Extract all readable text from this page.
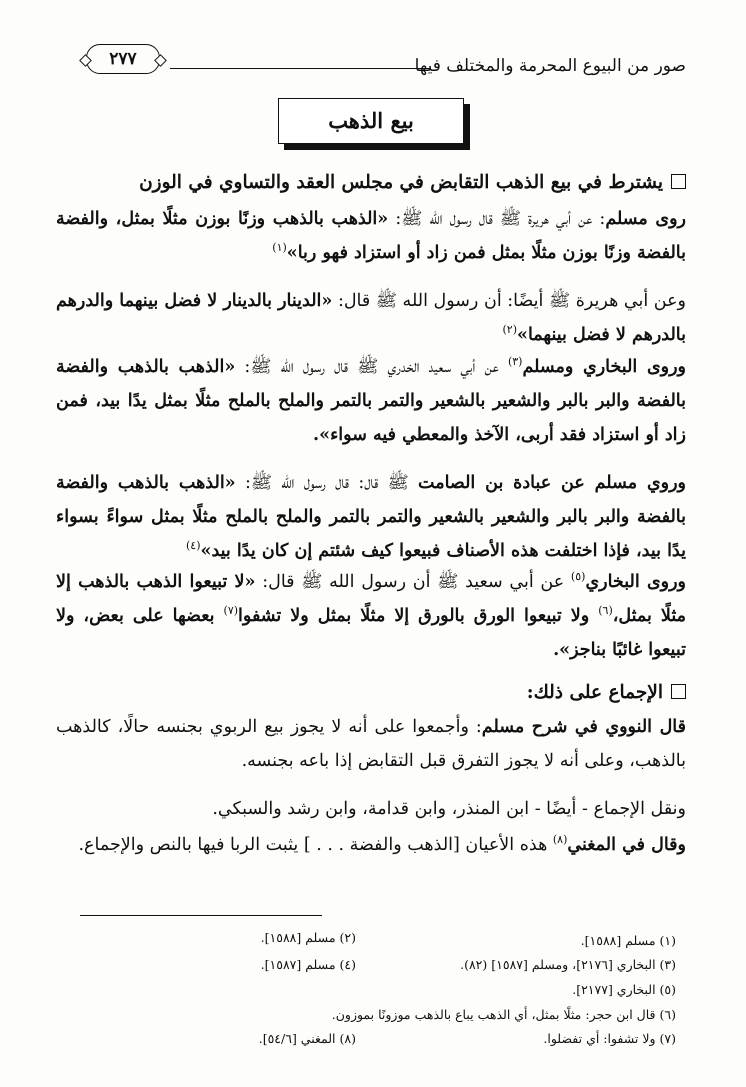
صور من البيوع المحرمة والمختلف فيها
٢٧٧
بيع الذهب
يشترط في بيع الذهب التقابض في مجلس العقد والتساوي في الوزن
روى مسلم: عن أبي هريرة ﷺ قال رسول الله ﷺ: «الذهب بالذهب وزنًا بوزن مثلًا بمثل، والفضة بالفضة وزنًا بوزن مثلًا بمثل فمن زاد أو استزاد فهو ربا»$^{(١)}$
وعن أبي هريرة ﷺ أيضًا: أن رسول الله ﷺ قال: «الدينار بالدينار لا فضل بينهما والدرهم بالدرهم لا فضل بينهما»$^{(٢)}$
وروى البخاري ومسلم$^{(٣)}$ عن أبي سعيد الخدري ﷺ قال رسول الله ﷺ: «الذهب بالذهب والفضة بالفضة والبر بالبر والشعير بالشعير والتمر بالتمر والملح بالملح مثلًا بمثل يدًا بيد، فمن زاد أو استزاد فقد أربى، الآخذ والمعطي فيه سواء».
وروي مسلم عن عبادة بن الصامت ﷺ قال: قال رسول الله ﷺ: «الذهب بالذهب والفضة بالفضة والبر بالبر والشعير بالشعير والتمر بالتمر والملح بالملح مثلًا بمثل سواءً بسواء يدًا بيد، فإذا اختلفت هذه الأصناف فبيعوا كيف شئتم إن كان يدًا بيد»$^{(٤)}$
وروى البخاري$^{(٥)}$ عن أبي سعيد ﷺ أن رسول الله ﷺ قال: «لا تبيعوا الذهب بالذهب إلا مثلًا بمثل،$^{(٦)}$ ولا تبيعوا الورق بالورق إلا مثلًا بمثل ولا تشفوا$^{(٧)}$ بعضها على بعض، ولا تبيعوا غائبًا بناجز».
الإجماع على ذلك:
قال النووي في شرح مسلم: وأجمعوا على أنه لا يجوز بيع الربوي بجنسه حالًا، كالذهب بالذهب، وعلى أنه لا يجوز التفرق قبل التقابض إذا باعه بجنسه.
ونقل الإجماع - أيضًا - ابن المنذر، وابن قدامة، وابن رشد والسبكي.
وقال في المغني$^{(٨)}$ هذه الأعيان [الذهب والفضة . . . ] يثبت الربا فيها بالنص والإجماع.
(١) مسلم [١٥٨٨].
(٢) مسلم [١٥٨٨].
(٣) البخاري [٢١٧٦]، ومسلم [١٥٨٧] (٨٢).
(٤) مسلم [١٥٨٧].
(٥) البخاري [٢١٧٧].
(٦) قال ابن حجر: مثلًا بمثل، أي الذهب يباع بالذهب موزونًا بموزون.
(٧) ولا تشفوا: أي تفضلوا.
(٨) المغني [٥٤/٦].
